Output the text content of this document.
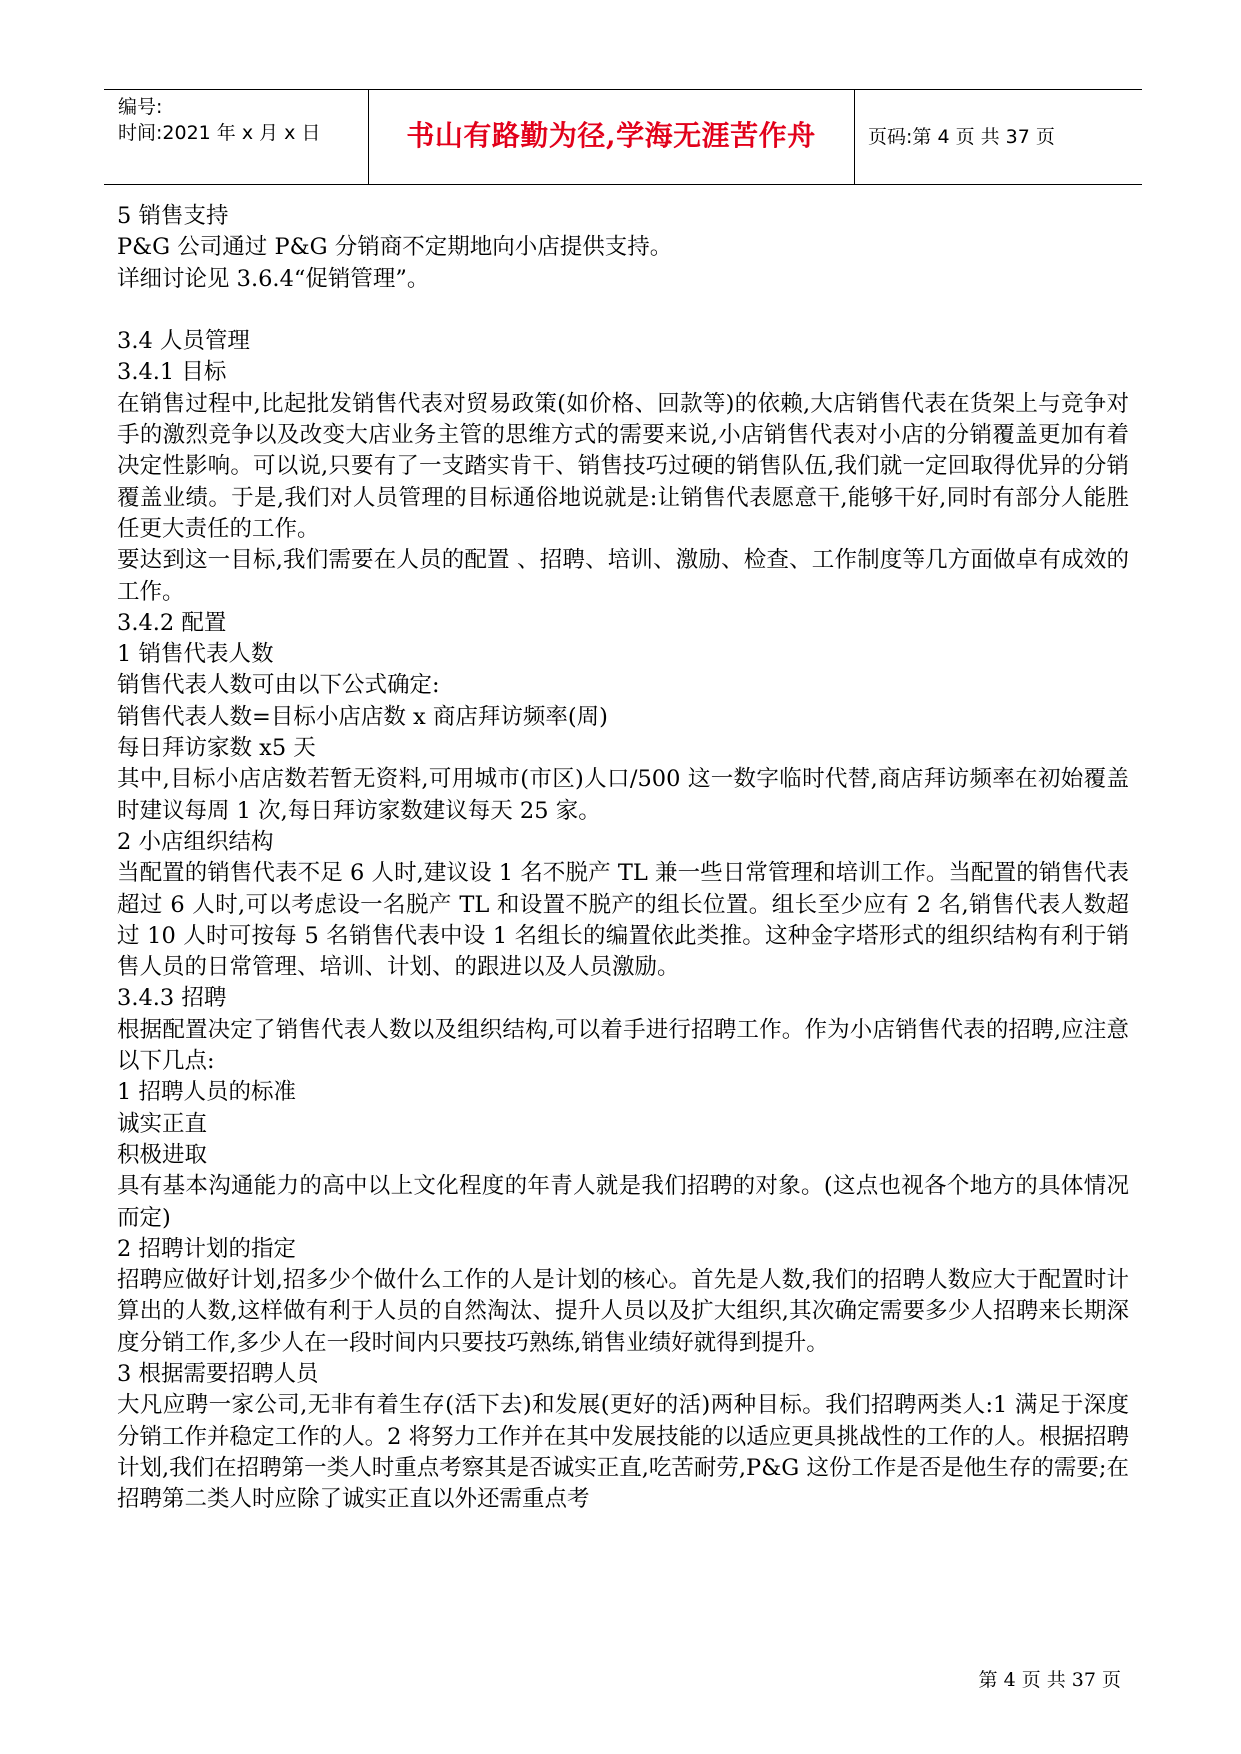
编号:
时间:2021 年 x 月 x 日	书山有路勤为径,学海无涯苦作舟	页码:第 4 页 共 37 页

5 销售支持

P&G 公司通过 P&G 分销商不定期地向小店提供支持。

详细讨论见 3.6.4“促销管理”。

3.4 人员管理

3.4.1 目标

在销售过程中,比起批发销售代表对贸易政策(如价格、回款等)的依赖,大店销售代表在货架上与竞争对手的激烈竞争以及改变大店业务主管的思维方式的需要来说,小店销售代表对小店的分销覆盖更加有着决定性影响。可以说,只要有了一支踏实肯干、销售技巧过硬的销售队伍,我们就一定回取得优异的分销覆盖业绩。于是,我们对人员管理的目标通俗地说就是:让销售代表愿意干,能够干好,同时有部分人能胜任更大责任的工作。

要达到这一目标,我们需要在人员的配置 、招聘、培训、激励、检查、工作制度等几方面做卓有成效的工作。

3.4.2 配置

1 销售代表人数

销售代表人数可由以下公式确定:

销售代表人数=目标小店店数 x 商店拜访频率(周)

每日拜访家数 x5 天

其中,目标小店店数若暂无资料,可用城市(市区)人口/500 这一数字临时代替,商店拜访频率在初始覆盖时建议每周 1 次,每日拜访家数建议每天 25 家。

2 小店组织结构

当配置的销售代表不足 6 人时,建议设 1 名不脱产 TL 兼一些日常管理和培训工作。当配置的销售代表超过 6 人时,可以考虑设一名脱产 TL 和设置不脱产的组长位置。组长至少应有 2 名,销售代表人数超过 10 人时可按每 5 名销售代表中设 1 名组长的编置依此类推。这种金字塔形式的组织结构有利于销售人员的日常管理、培训、计划、的跟进以及人员激励。

3.4.3 招聘

根据配置决定了销售代表人数以及组织结构,可以着手进行招聘工作。作为小店销售代表的招聘,应注意以下几点:

1 招聘人员的标准

诚实正直

积极进取

具有基本沟通能力的高中以上文化程度的年青人就是我们招聘的对象。(这点也视各个地方的具体情况而定)

2 招聘计划的指定

招聘应做好计划,招多少个做什么工作的人是计划的核心。首先是人数,我们的招聘人数应大于配置时计算出的人数,这样做有利于人员的自然淘汰、提升人员以及扩大组织,其次确定需要多少人招聘来长期深度分销工作,多少人在一段时间内只要技巧熟练,销售业绩好就得到提升。

3 根据需要招聘人员

大凡应聘一家公司,无非有着生存(活下去)和发展(更好的活)两种目标。我们招聘两类人:1 满足于深度分销工作并稳定工作的人。2 将努力工作并在其中发展技能的以适应更具挑战性的工作的人。根据招聘计划,我们在招聘第一类人时重点考察其是否诚实正直,吃苦耐劳,P&G 这份工作是否是他生存的需要;在招聘第二类人时应除了诚实正直以外还需重点考

第 4 页 共 37 页
